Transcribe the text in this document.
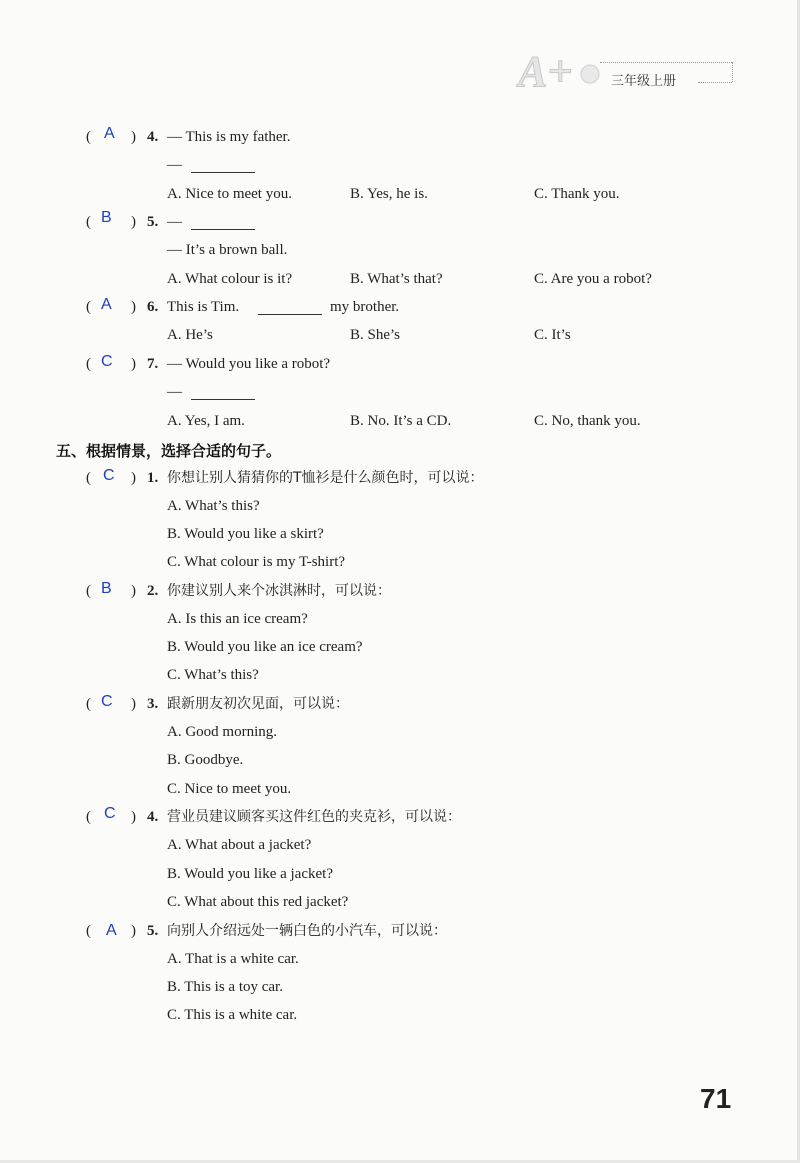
A+	三年级上册
( A ) 4. — This is my father.
—
A. Nice to meet you.	B. Yes, he is.	C. Thank you.
( B ) 5. —
— It’s a brown ball.
A. What colour is it?	B. What’s that?	C. Are you a robot?
( A ) 6. This is Tim.	my brother.
A. He’s	B. She’s	C. It’s
( C ) 7. — Would you like a robot?
—
A. Yes, I am.	B. No. It’s a CD.	C. No, thank you.
五、根据情景，选择合适的句子。
( C ) 1. 你想让别人猜猜你的T恤衫是什么颜色时，可以说：
A. What’s this?
B. Would you like a skirt?
C. What colour is my T-shirt?
( B ) 2. 你建议别人来个冰淇淋时，可以说：
A. Is this an ice cream?
B. Would you like an ice cream?
C. What’s this?
( C ) 3. 跟新朋友初次见面，可以说：
A. Good morning.
B. Goodbye.
C. Nice to meet you.
( C ) 4. 营业员建议顾客买这件红色的夹克衫，可以说：
A. What about a jacket?
B. Would you like a jacket?
C. What about this red jacket?
( A ) 5. 向别人介绍远处一辆白色的小汽车，可以说：
A. That is a white car.
B. This is a toy car.
C. This is a white car.
71
